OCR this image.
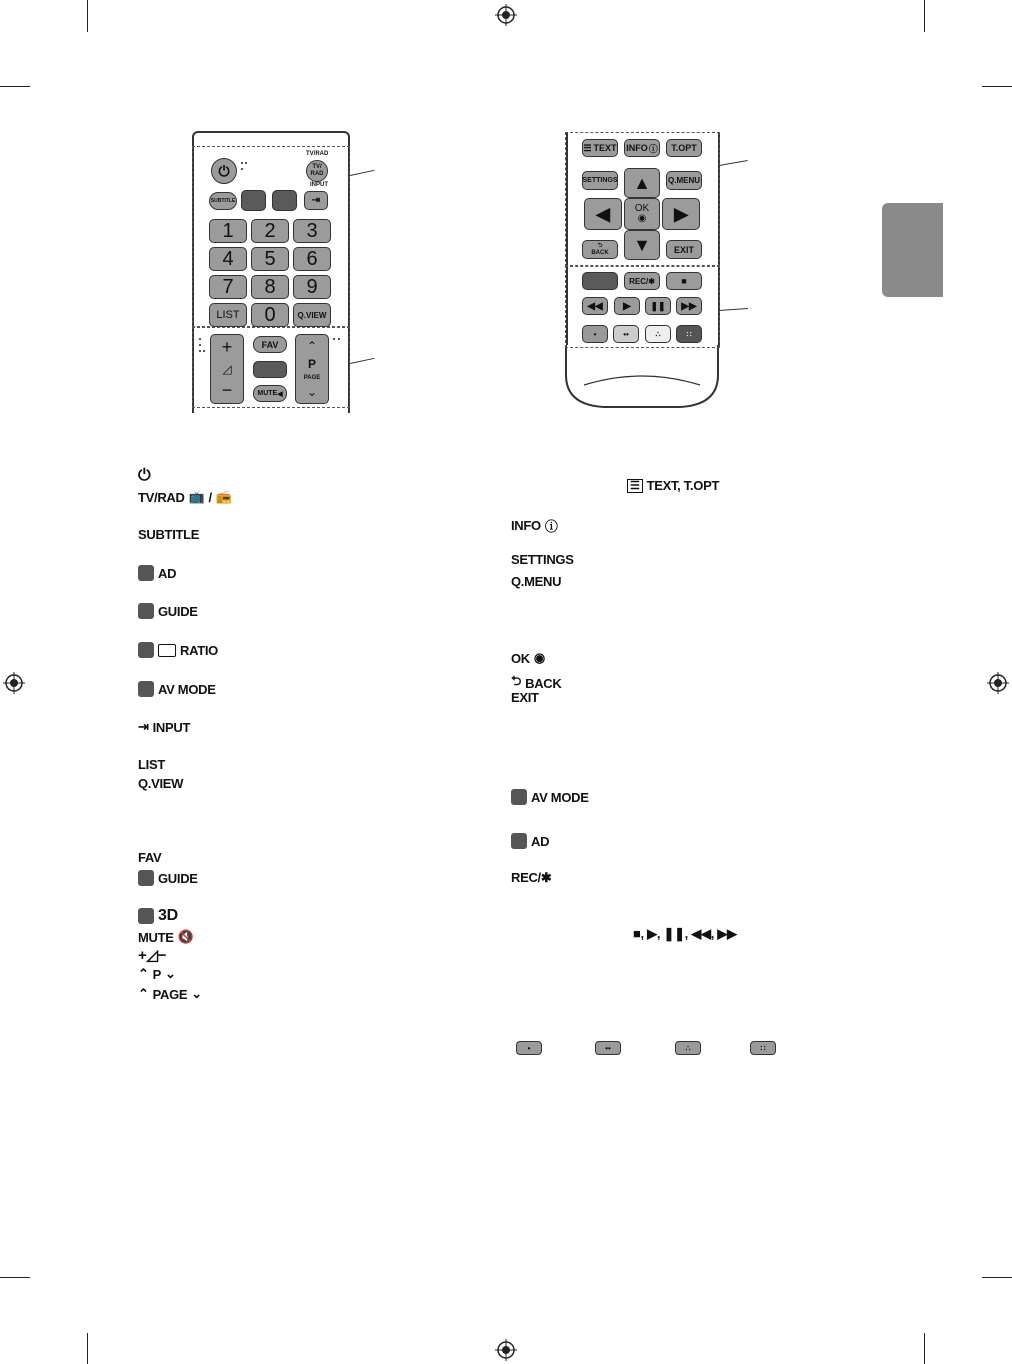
⏻
TV/RAD
TV/
RAD
SUBTITLE
INPUT
⇥
1	2	3
4	5	6
7	8	9
LIST	0	Q.VIEW
+
◿
−
FAV
MUTE ◀
⌃
P
PAGE
⌄
☰ TEXT INFO ⓘ	T.OPT
SETTINGS	Q.MENU
▲
◀	OK
◉	▶
▼
⮌
BACK	EXIT
REC/✱	■
◀◀	▶	❚❚	▶▶
•	••	∴	∷
⏻
TV/RAD 📺 / 📻
SUBTITLE
AD
GUIDE
RATIO
AV MODE
⇥ INPUT
LIST
Q.VIEW
FAV
GUIDE
3D
MUTE 🔇
+◿−
⌃ P ⌄
⌃ PAGE ⌄
☰ TEXT, T.OPT
INFO ⓘ
SETTINGS
Q.MENU
OK ◉
⮌ BACK
EXIT
AV MODE
AD
REC/✱
■, ▶, ❚❚, ◀◀, ▶▶
•	••	∴	∷
